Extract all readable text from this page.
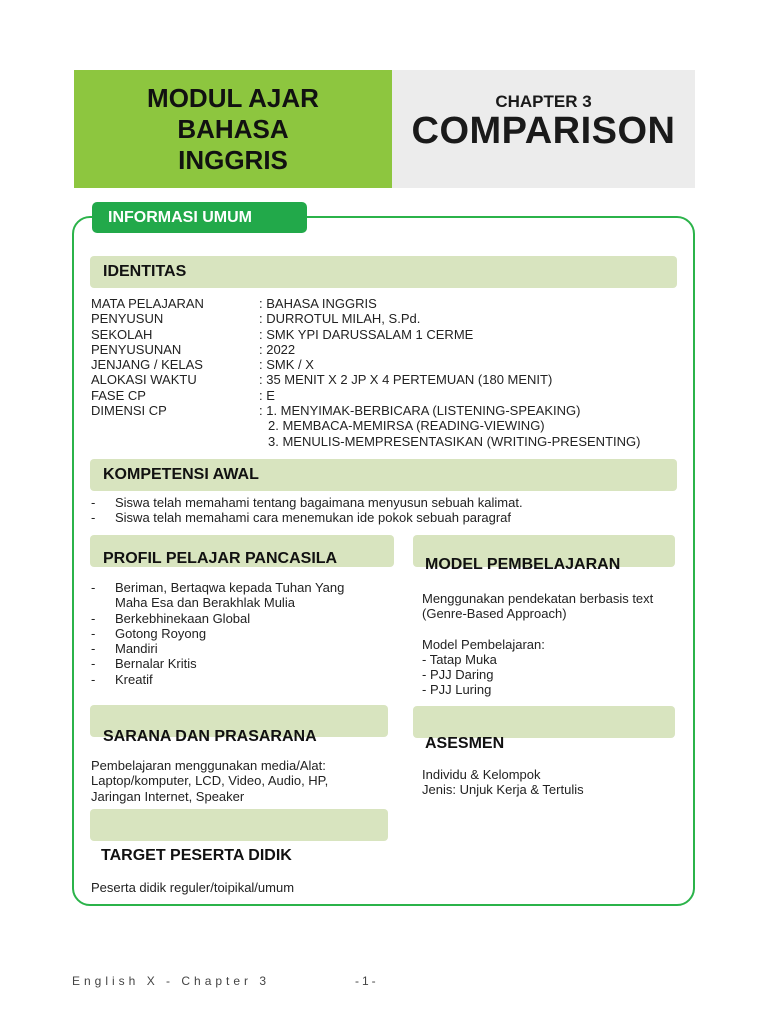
MODUL AJAR
BAHASA
INGGRIS
CHAPTER 3
COMPARISON
INFORMASI UMUM
IDENTITAS
MATA PELAJARAN	: BAHASA INGGRIS
PENYUSUN	: DURROTUL MILAH, S.Pd.
SEKOLAH	: SMK YPI DARUSSALAM 1 CERME
PENYUSUNAN	: 2022
JENJANG / KELAS	: SMK / X
ALOKASI WAKTU	: 35 MENIT X 2 JP X 4 PERTEMUAN (180 MENIT)
FASE CP	: E
DIMENSI CP	: 1. MENYIMAK-BERBICARA (LISTENING-SPEAKING)
2. MEMBACA-MEMIRSA (READING-VIEWING)
3. MENULIS-MEMPRESENTASIKAN (WRITING-PRESENTING)
KOMPETENSI AWAL
- Siswa telah memahami tentang bagaimana menyusun sebuah kalimat.
- Siswa telah memahami cara menemukan ide pokok sebuah paragraf
PROFIL PELAJAR PANCASILA
- Beriman, Bertaqwa kepada Tuhan Yang Maha Esa dan Berakhlak Mulia
- Berkebhinekaan Global
- Gotong Royong
- Mandiri
- Bernalar Kritis
- Kreatif
MODEL PEMBELAJARAN
Menggunakan pendekatan berbasis text (Genre-Based Approach)
Model Pembelajaran:
- Tatap Muka
- PJJ Daring
- PJJ Luring
SARANA DAN PRASARANA
Pembelajaran menggunakan media/Alat: Laptop/komputer, LCD, Video, Audio, HP, Jaringan Internet, Speaker
ASESMEN
Individu & Kelompok
Jenis: Unjuk Kerja & Tertulis
TARGET PESERTA DIDIK
Peserta didik reguler/toipikal/umum
English X - Chapter 3	-1-
